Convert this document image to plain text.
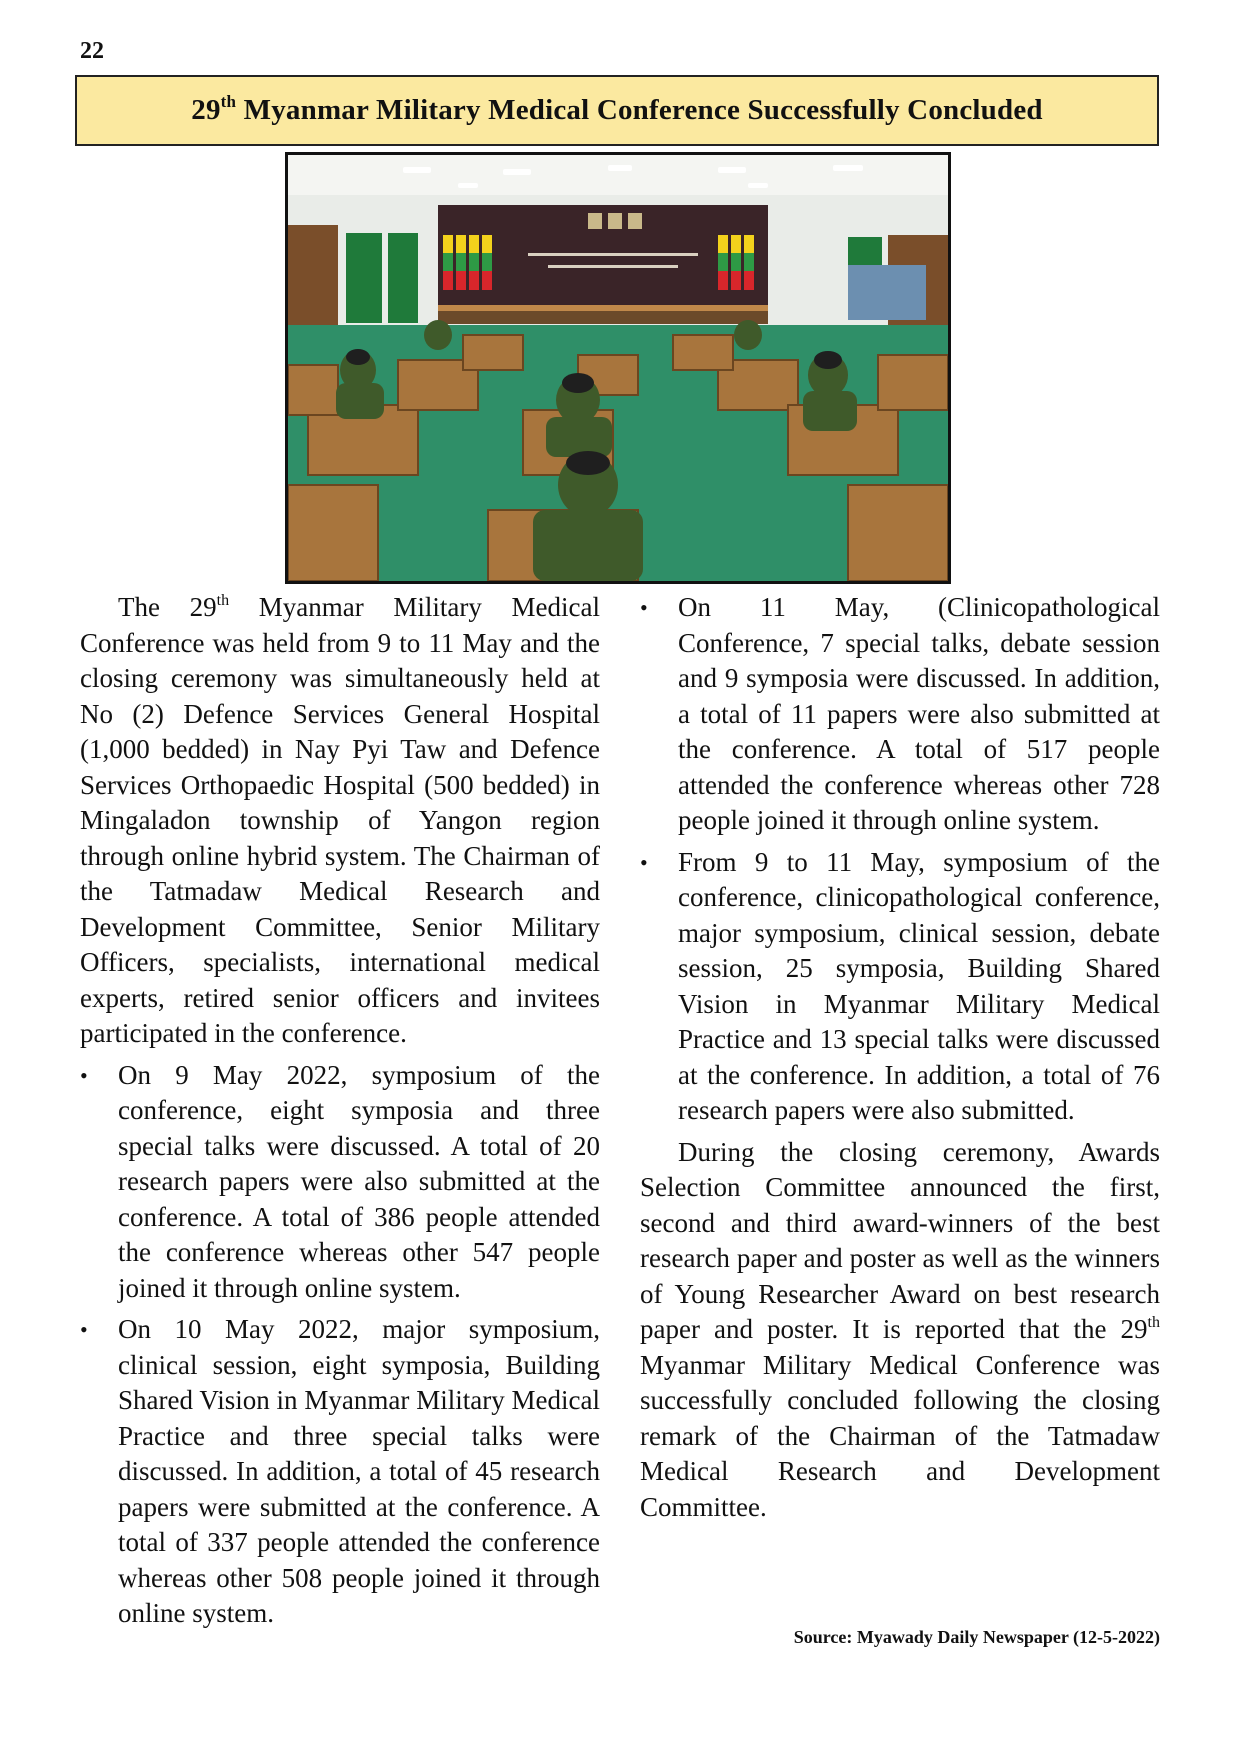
22
29th Myanmar Military Medical Conference Successfully Concluded

The 29th Myanmar Military Medical Conference was held from 9 to 11 May and the closing ceremony was simultaneously held at No (2) Defence Services General Hospital (1,000 bedded) in Nay Pyi Taw and Defence Services Orthopaedic Hospital (500 bedded) in Mingaladon township of Yangon region through online hybrid system. The Chairman of the Tatmadaw Medical Research and Development Committee, Senior Military Officers, specialists, international medical experts, retired senior officers and invitees participated in the conference.

• On 9 May 2022, symposium of the conference, eight symposia and three special talks were discussed. A total of 20 research papers were also submitted at the conference. A total of 386 people attended the conference whereas other 547 people joined it through online system.
• On 10 May 2022, major symposium, clinical session, eight symposia, Building Shared Vision in Myanmar Military Medical Practice and three special talks were discussed. In addition, a total of 45 research papers were submitted at the conference. A total of 337 people attended the conference whereas other 508 people joined it through online system.
• On 11 May, (Clinicopathological Conference, 7 special talks, debate session and 9 symposia were discussed. In addition, a total of 11 papers were also submitted at the conference. A total of 517 people attended the conference whereas other 728 people joined it through online system.
• From 9 to 11 May, symposium of the conference, clinicopathological conference, major symposium, clinical session, debate session, 25 symposia, Building Shared Vision in Myanmar Military Medical Practice and 13 special talks were discussed at the conference. In addition, a total of 76 research papers were also submitted.

During the closing ceremony, Awards Selection Committee announced the first, second and third award-winners of the best research paper and poster as well as the winners of Young Researcher Award on best research paper and poster. It is reported that the 29th Myanmar Military Medical Conference was successfully concluded following the closing remark of the Chairman of the Tatmadaw Medical Research and Development Committee.

Source: Myawady Daily Newspaper (12-5-2022)
